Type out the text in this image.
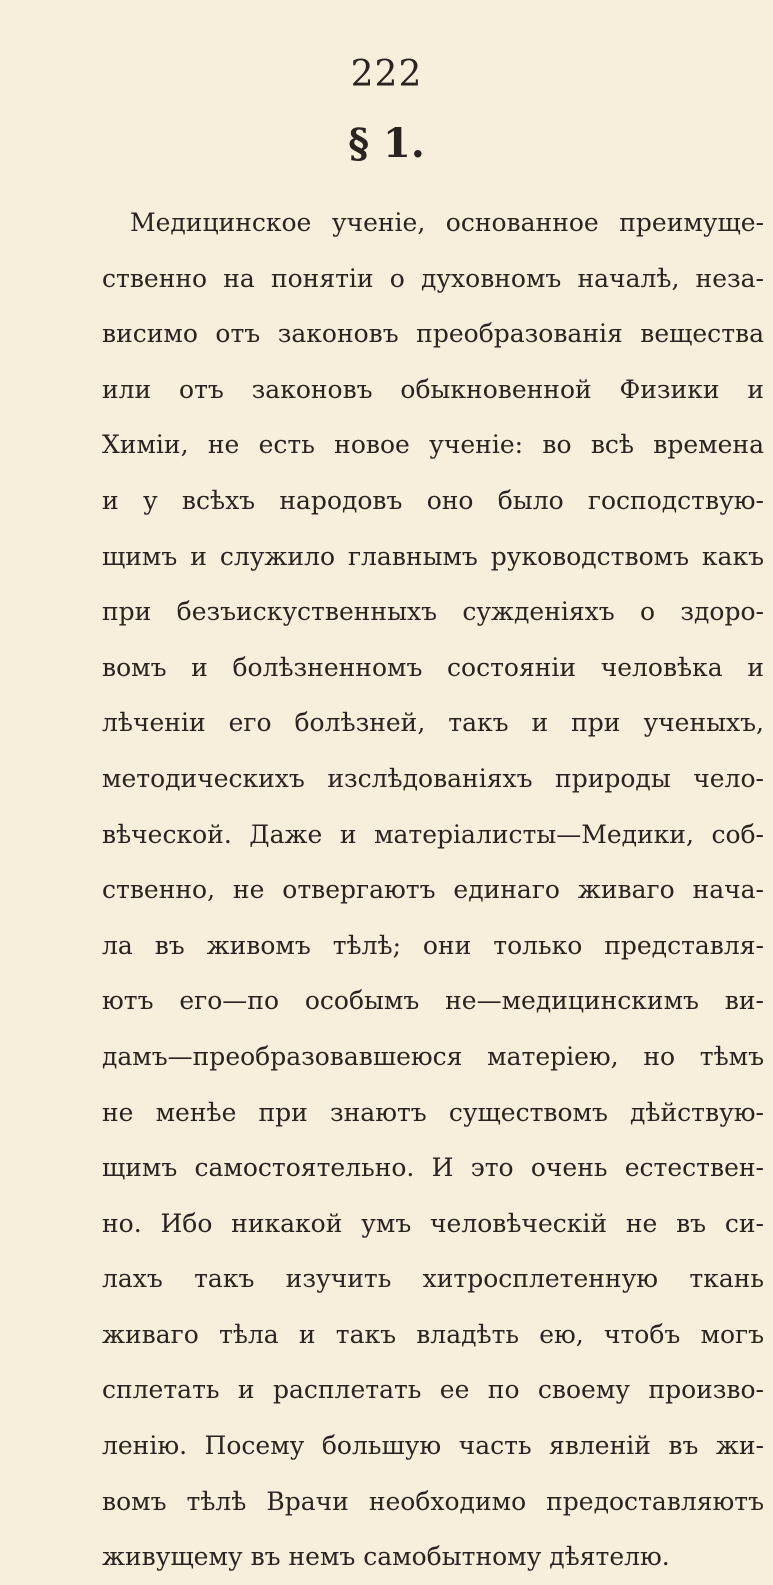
222
§ 1.
Медицинское ученіе, основанное преимуще-
ственно на понятіи о духовномъ началѣ, неза-
висимо отъ законовъ преобразованія вещества
или отъ законовъ обыкновенной Физики и
Химіи, не есть новое ученіе: во всѣ времена
и у всѣхъ народовъ оно было господствую-
щимъ и служило главнымъ руководствомъ какъ
при безъискуственныхъ сужденіяхъ о здоро-
вомъ и болѣзненномъ состояніи человѣка и
лѣченіи его болѣзней, такъ и при ученыхъ,
методическихъ изслѣдованіяхъ природы чело-
вѣческой. Даже и матеріалисты—Медики, соб-
ственно, не отвергаютъ единаго живаго нача-
ла въ живомъ тѣлѣ; они только представля-
ютъ его—по особымъ не—медицинскимъ ви-
дамъ—преобразовавшеюся матеріею, но тѣмъ
не менѣе при знаютъ существомъ дѣйствую-
щимъ самостоятельно. И это очень естествен-
но. Ибо никакой умъ человѣческій не въ си-
лахъ такъ изучить хитросплетенную ткань
живаго тѣла и такъ владѣть ею, чтобъ могъ
сплетать и расплетать ее по своему произво-
ленію. Посему большую часть явленій въ жи-
вомъ тѣлѣ Врачи необходимо предоставляютъ
живущему въ немъ самобытному дѣятелю.
